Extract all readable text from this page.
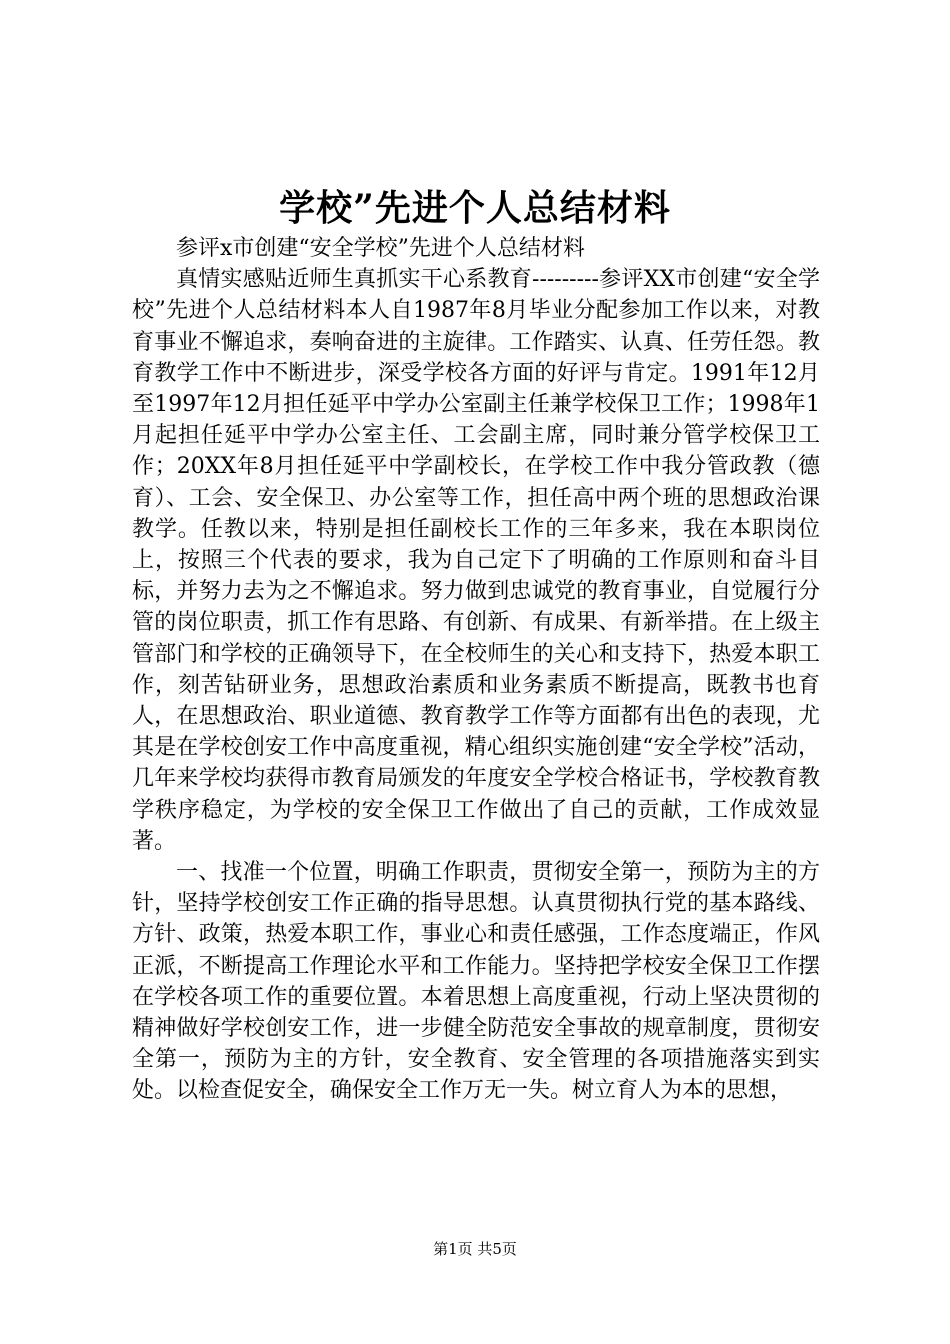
学校”先进个人总结材料

参评x市创建“安全学校”先进个人总结材料

真情实感贴近师生真抓实干心系教育---------参评XX市创建“安全学校”先进个人总结材料本人自1987年8月毕业分配参加工作以来，对教育事业不懈追求，奏响奋进的主旋律。工作踏实、认真、任劳任怨。教育教学工作中不断进步，深受学校各方面的好评与肯定。1991年12月至1997年12月担任延平中学办公室副主任兼学校保卫工作；1998年1月起担任延平中学办公室主任、工会副主席，同时兼分管学校保卫工作；20XX年8月担任延平中学副校长，在学校工作中我分管政教（德育）、工会、安全保卫、办公室等工作，担任高中两个班的思想政治课教学。任教以来，特别是担任副校长工作的三年多来，我在本职岗位上，按照三个代表的要求，我为自己定下了明确的工作原则和奋斗目标，并努力去为之不懈追求。努力做到忠诚党的教育事业，自觉履行分管的岗位职责，抓工作有思路、有创新、有成果、有新举措。在上级主管部门和学校的正确领导下，在全校师生的关心和支持下，热爱本职工作，刻苦钻研业务，思想政治素质和业务素质不断提高，既教书也育人，在思想政治、职业道德、教育教学工作等方面都有出色的表现，尤其是在学校创安工作中高度重视，精心组织实施创建“安全学校”活动，几年来学校均获得市教育局颁发的年度安全学校合格证书，学校教育教学秩序稳定，为学校的安全保卫工作做出了自己的贡献，工作成效显著。

一、找准一个位置，明确工作职责，贯彻安全第一，预防为主的方针，坚持学校创安工作正确的指导思想。认真贯彻执行党的基本路线、方针、政策，热爱本职工作，事业心和责任感强，工作态度端正，作风正派，不断提高工作理论水平和工作能力。坚持把学校安全保卫工作摆在学校各项工作的重要位置。本着思想上高度重视，行动上坚决贯彻的精神做好学校创安工作，进一步健全防范安全事故的规章制度，贯彻安全第一，预防为主的方针，安全教育、安全管理的各项措施落实到实处。以检查促安全，确保安全工作万无一失。树立育人为本的思想，

第1页 共5页
